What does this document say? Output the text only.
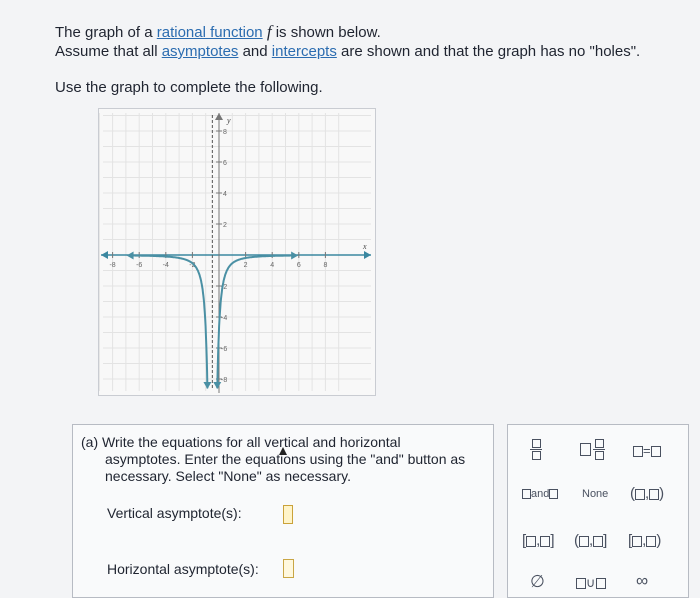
The graph of a rational function f is shown below.
Assume that all asymptotes and intercepts are shown and that the graph has no "holes".
Use the graph to complete the following.
-8	-6	-4	-2	2	4	6	8
8
6
4
2
-2
-4
-6
-8
x
y
(a) Write the equations for all vertical and horizontal
asymptotes. Enter the equations using the "and" button as
necessary. Select "None" as necessary.
Vertical asymptote(s):
Horizontal asymptote(s):
=
and	None ( , )
[ , ] ( , ] [ , )
∅	∪	∞
